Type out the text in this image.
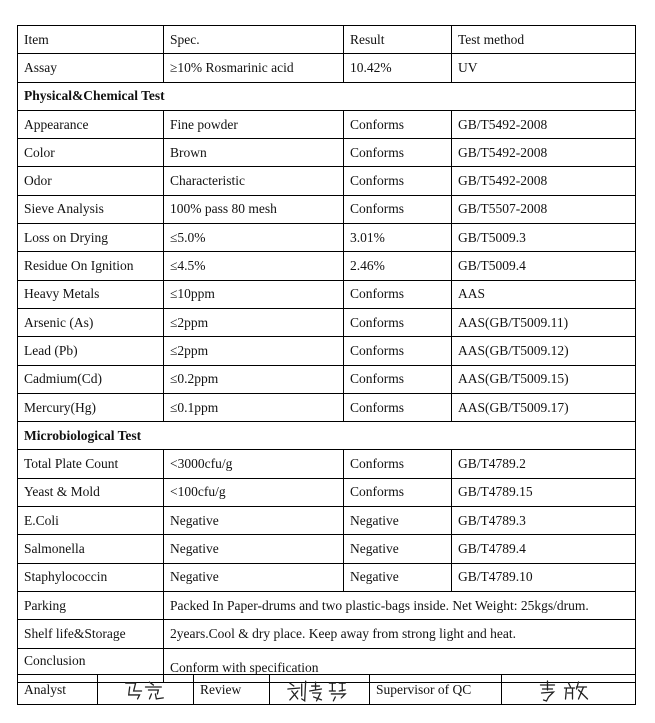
Item	Spec.	Result	Test method
Assay	≥10% Rosmarinic acid	10.42%	UV
Physical&Chemical Test			
Appearance	Fine powder	Conforms	GB/T5492-2008
Color	Brown	Conforms	GB/T5492-2008
Odor	Characteristic	Conforms	GB/T5492-2008
Sieve Analysis	100% pass 80 mesh	Conforms	GB/T5507-2008
Loss on Drying	≤5.0%	3.01%	GB/T5009.3
Residue On Ignition	≤4.5%	2.46%	GB/T5009.4
Heavy Metals	≤10ppm	Conforms	AAS
Arsenic (As)	≤2ppm	Conforms	AAS(GB/T5009.11)
Lead (Pb)	≤2ppm	Conforms	AAS(GB/T5009.12)
Cadmium(Cd)	≤0.2ppm	Conforms	AAS(GB/T5009.15)
Mercury(Hg)	≤0.1ppm	Conforms	AAS(GB/T5009.17)
Microbiological Test			
Total Plate Count	<3000cfu/g	Conforms	GB/T4789.2
Yeast & Mold	<100cfu/g	Conforms	GB/T4789.15
E.Coli	Negative	Negative	GB/T4789.3
Salmonella	Negative	Negative	GB/T4789.4
Staphylococcin	Negative	Negative	GB/T4789.10
Parking	Packed In Paper-drums and two plastic-bags inside. Net Weight: 25kgs/drum.		
Shelf life&Storage	2years.Cool & dry place. Keep away from strong light and heat.		
Conclusion	Conform with specification		
Analyst		Review		Supervisor of QC	
